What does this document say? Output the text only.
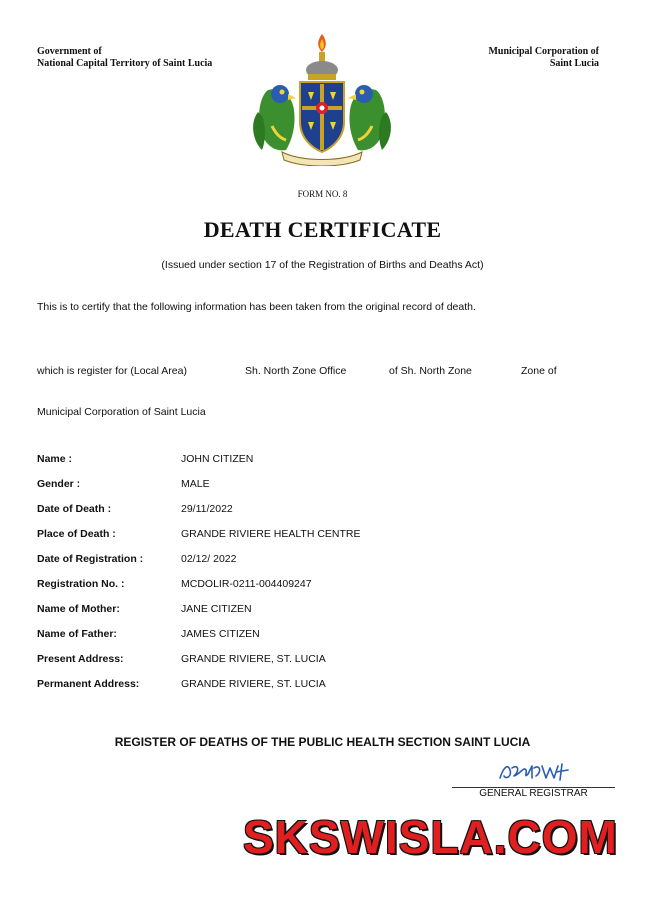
Government of
National Capital Territory of Saint Lucia
Municipal Corporation of
Saint Lucia
FORM NO. 8
DEATH CERTIFICATE
(Issued under section 17 of the Registration of Births and Deaths Act)
This is to certify that the following information has been taken from the original record of death.
which is register for (Local Area)	Sh. North Zone Office	of Sh. North Zone	Zone of
Municipal Corporation of Saint Lucia
Name :	JOHN CITIZEN
Gender :	MALE
Date of Death :	29/11/2022
Place of Death :	GRANDE RIVIERE HEALTH CENTRE
Date of Registration :	02/12/ 2022
Registration No. :	MCDOLIR-0211-004409247
Name of Mother:	JANE CITIZEN
Name of Father:	JAMES CITIZEN
Present Address:	GRANDE RIVIERE, ST. LUCIA
Permanent Address:	GRANDE RIVIERE, ST. LUCIA
REGISTER OF DEATHS OF THE PUBLIC HEALTH SECTION SAINT LUCIA
GENERAL REGISTRAR
SKSWISLA.COM
